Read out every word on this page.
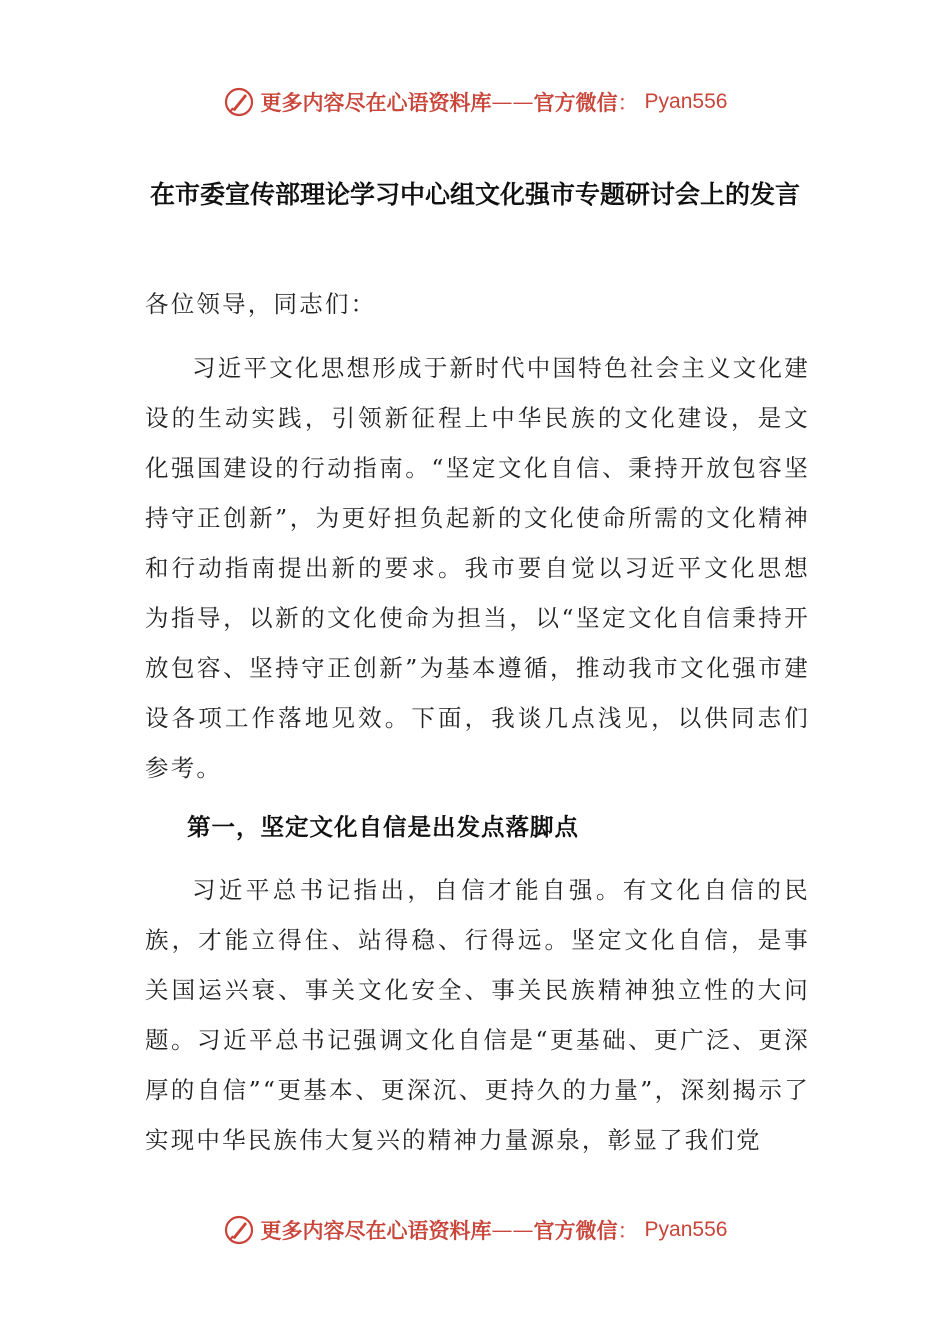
更多内容尽在心语资料库 —— 官方微信 ： Pyan556
在市委宣传部理论学习中心组文化强市专题研讨会上的发言
各位领导，同志们：
习近平文化思想形成于新时代中国特色社会主义文化建设的生动实践，引领新征程上中华民族的文化建设，是文化强国建设的行动指南。“坚定文化自信、秉持开放包容坚持守正创新”，为更好担负起新的文化使命所需的文化精神和行动指南提出新的要求。我市要自觉以习近平文化思想为指导，以新的文化使命为担当，以“坚定文化自信秉持开放包容、坚持守正创新”为基本遵循，推动我市文化强市建设各项工作落地见效。下面，我谈几点浅见，以供同志们参考。
第一，坚定文化自信是出发点落脚点
习近平总书记指出，自信才能自强。有文化自信的民族，才能立得住、站得稳、行得远。坚定文化自信，是事关国运兴衰、事关文化安全、事关民族精神独立性的大问题。习近平总书记强调文化自信是“更基础、更广泛、更深厚的自信”“更基本、更深沉、更持久的力量”，深刻揭示了实现中华民族伟大复兴的精神力量源泉，彰显了我们党
更多内容尽在心语资料库 —— 官方微信 ： Pyan556
